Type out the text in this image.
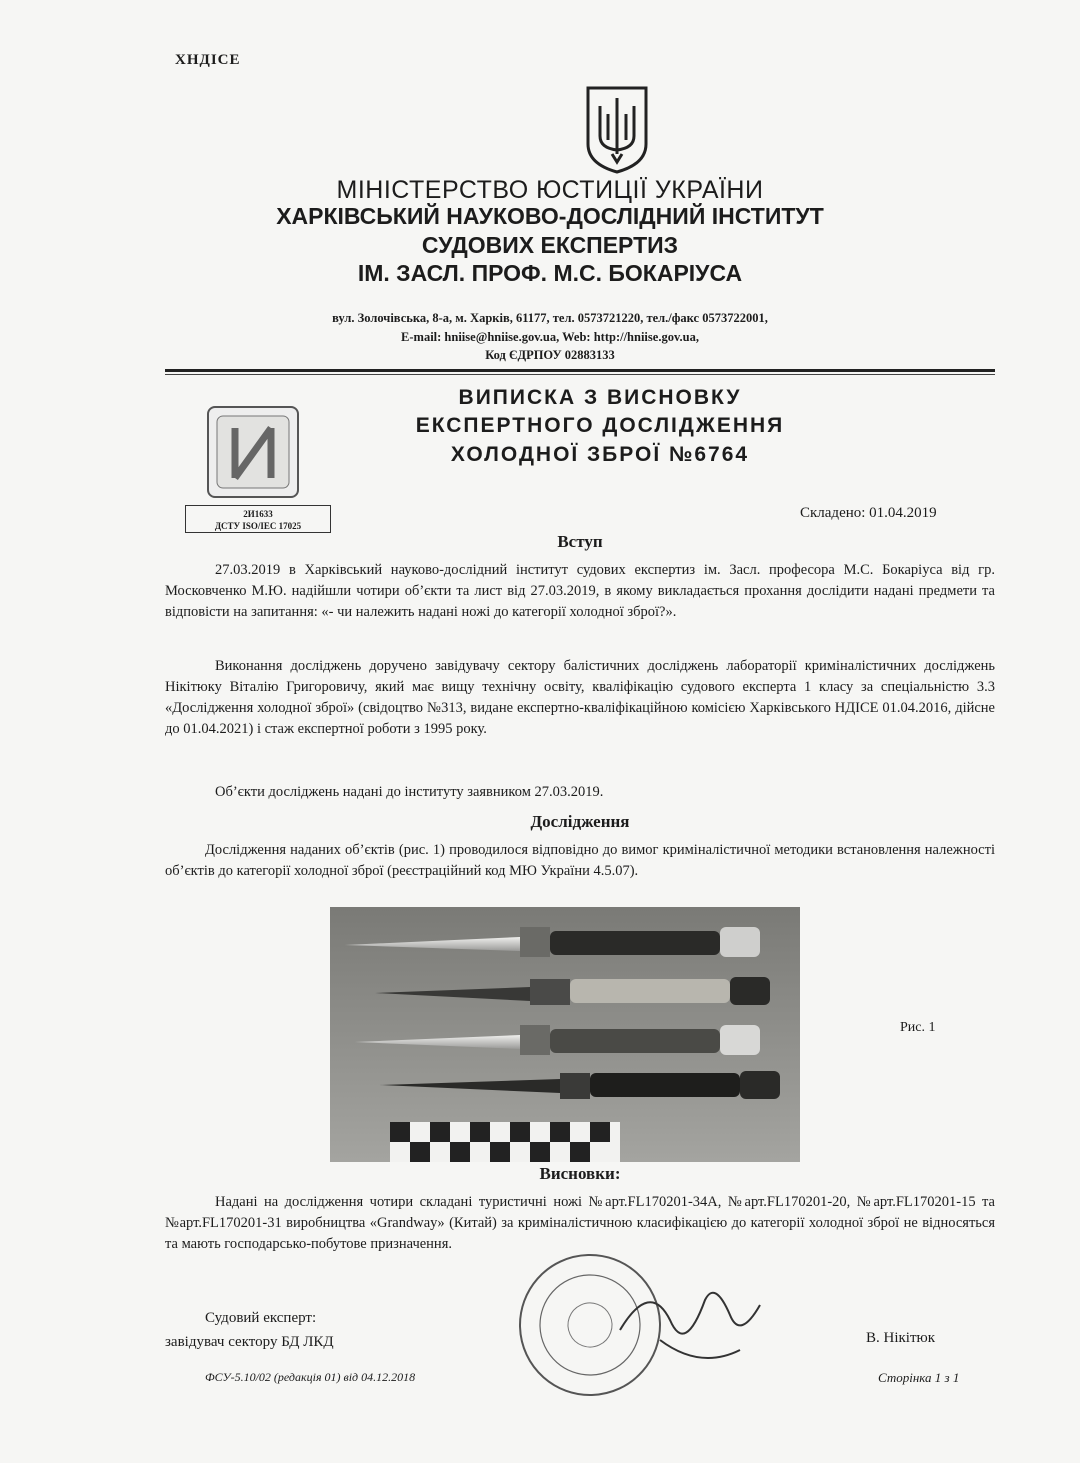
ХНДІСЕ
МІНІСТЕРСТВО ЮСТИЦІЇ УКРАЇНИ
ХАРКІВСЬКИЙ НАУКОВО-ДОСЛІДНИЙ ІНСТИТУТ
СУДОВИХ ЕКСПЕРТИЗ
ІМ. ЗАСЛ. ПРОФ. М.С. БОКАРІУСА
вул. Золочівська, 8-а, м. Харків, 61177, тел. 0573721220, тел./факс 0573722001,
E-mail: hniise@hniise.gov.ua, Web: http://hniise.gov.ua,
Код ЄДРПОУ 02883133
2И1633
ДСТУ ISO/IEC 17025
ВИПИСКА З ВИСНОВКУ
ЕКСПЕРТНОГО ДОСЛІДЖЕННЯ
ХОЛОДНОЇ ЗБРОЇ №6764
Складено: 01.04.2019
Вступ
27.03.2019 в Харківський науково-дослідний інститут судових експертиз ім. Засл. професора М.С. Бокаріуса від гр. Московченко М.Ю. надійшли чотири об’єкти та лист від 27.03.2019, в якому викладається прохання дослідити надані предмети та відповісти на запитання: «- чи належить надані ножі до категорії холодної зброї?».
Виконання досліджень доручено завідувачу сектору балістичних досліджень лабораторії криміналістичних досліджень Нікітюку Віталію Григоровичу, який має вищу технічну освіту, кваліфікацію судового експерта 1 класу за спеціальністю 3.3 «Дослідження холодної зброї» (свідоцтво №313, видане експертно-кваліфікаційною комісією Харківського НДІСЕ 01.04.2016, дійсне до 01.04.2021) і стаж експертної роботи з 1995 року.
Об’єкти досліджень надані до інституту заявником 27.03.2019.
Дослідження
Дослідження наданих об’єктів (рис. 1) проводилося відповідно до вимог криміналістичної методики встановлення належності об’єктів до категорії холодної зброї (реєстраційний код МЮ України 4.5.07).
Рис. 1
Висновки:
Надані на дослідження чотири складані туристичні ножі №арт.FL170201-34A, №арт.FL170201-20, №арт.FL170201-15 та №арт.FL170201-31 виробництва «Grandway» (Китай) за криміналістичною класифікацією до категорії холодної зброї не відносяться та мають господарсько-побутове призначення.
Судовий експерт:
завідувач сектору БД ЛКД	В. Нікітюк
ФСУ-5.10/02 (редакція 01) від 04.12.2018	Сторінка 1 з 1
